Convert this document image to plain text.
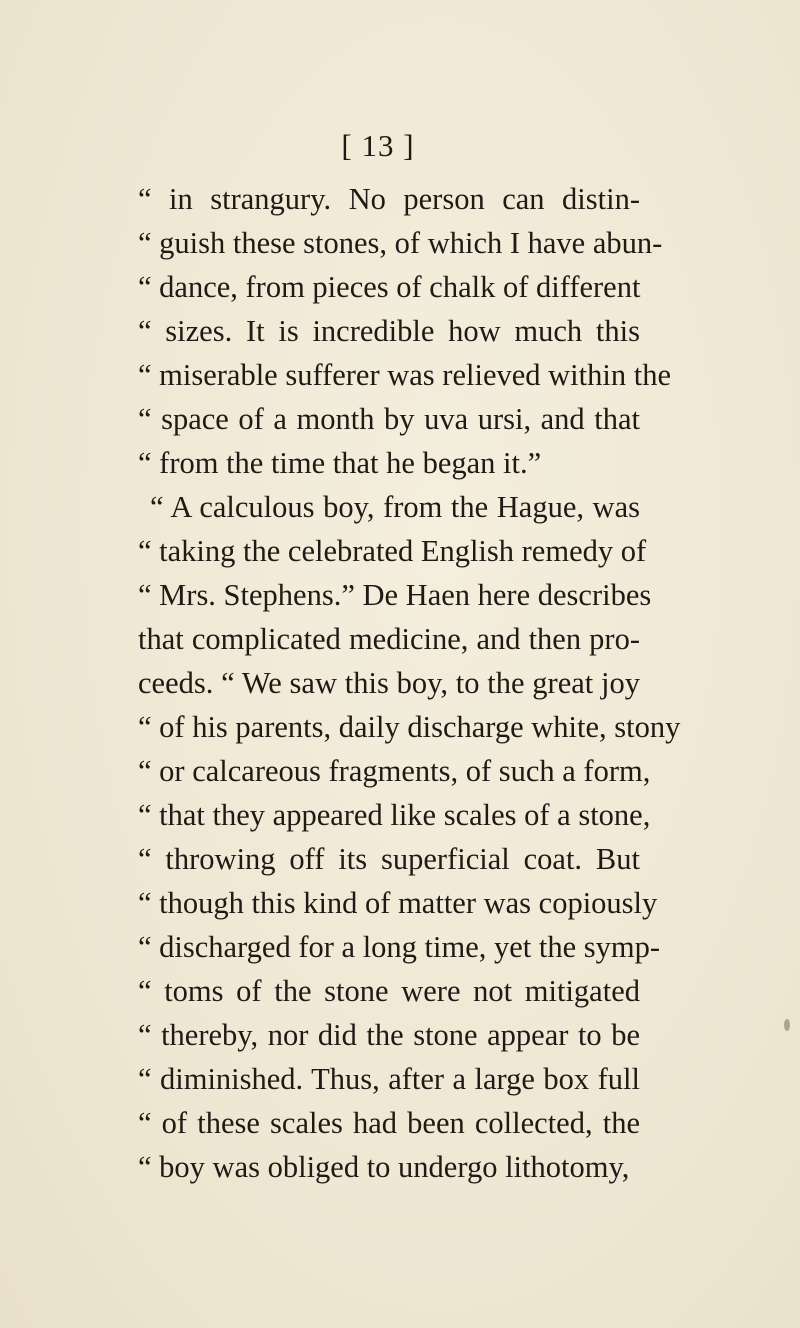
[ 13 ]
“ in strangury. No person can distin-
“ guish these stones, of which I have abun-
“ dance, from pieces of chalk of different
“ sizes. It is incredible how much this
“ miserable sufferer was relieved within the
“ space of a month by uva ursi, and that
“ from the time that he began it.”
“ A calculous boy, from the Hague, was
“ taking the celebrated English remedy of
“ Mrs. Stephens.” De Haen here describes
that complicated medicine, and then pro-
ceeds. “ We saw this boy, to the great joy
“ of his parents, daily discharge white, stony
“ or calcareous fragments, of such a form,
“ that they appeared like scales of a stone,
“ throwing off its superficial coat. But
“ though this kind of matter was copiously
“ discharged for a long time, yet the symp-
“ toms of the stone were not mitigated
“ thereby, nor did the stone appear to be
“ diminished. Thus, after a large box full
“ of these scales had been collected, the
“ boy was obliged to undergo lithotomy,
